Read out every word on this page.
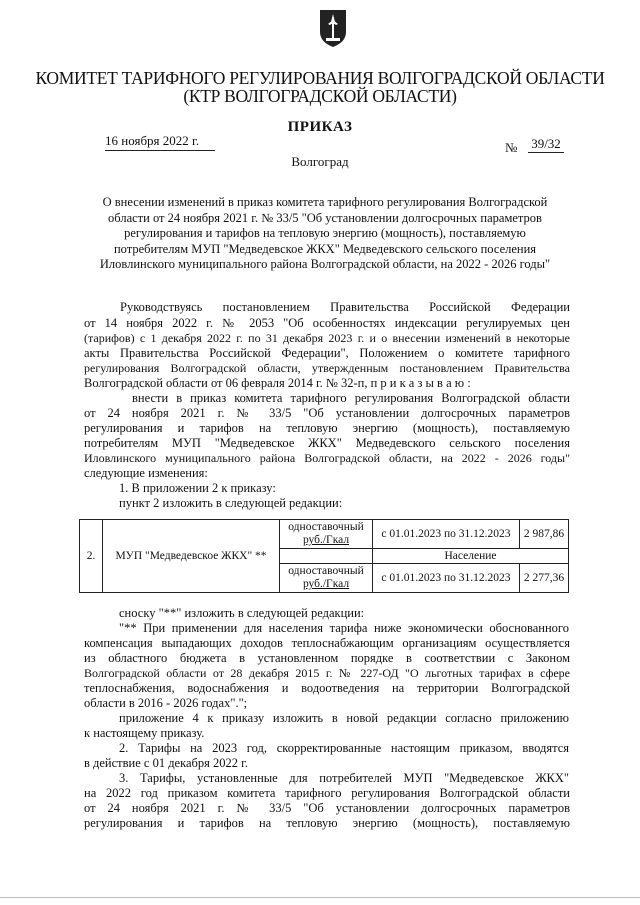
КОМИТЕТ ТАРИФНОГО РЕГУЛИРОВАНИЯ ВОЛГОГРАДСКОЙ ОБЛАСТИ
(КТР ВОЛГОГРАДСКОЙ ОБЛАСТИ)
ПРИКАЗ
16 ноября 2022 г.	№ 39/32
Волгоград
О внесении изменений в приказ комитета тарифного регулирования Волгоградской
области от 24 ноября 2021 г. № 33/5 "Об установлении долгосрочных параметров
регулирования и тарифов на тепловую энергию (мощность), поставляемую
потребителям МУП "Медведевское ЖКХ" Медведевского сельского поселения
Иловлинского муниципального района Волгоградской области, на 2022 - 2026 годы"
Руководствуясь постановлением Правительства Российской Федерации
от 14 ноября 2022 г. № 2053 "Об особенностях индексации регулируемых цен
(тарифов) с 1 декабря 2022 г. по 31 декабря 2023 г. и о внесении изменений в некоторые
акты Правительства Российской Федерации", Положением о комитете тарифного
регулирования Волгоградской области, утвержденным постановлением Правительства
Волгоградской области от 06 февраля 2014 г. № 32-п, п р и к а з ы в а ю :
внести в приказ комитета тарифного регулирования Волгоградской области
от 24 ноября 2021 г. № 33/5 "Об установлении долгосрочных параметров
регулирования и тарифов на тепловую энергию (мощность), поставляемую
потребителям МУП "Медведевское ЖКХ" Медведевского сельского поселения
Иловлинского муниципального района Волгоградской области, на 2022 - 2026 годы"
следующие изменения:
1. В приложении 2 к приказу:
пункт 2 изложить в следующей редакции:
2.	МУП "Медведевское ЖКХ" **	одноставочный
руб./Гкал	с 01.01.2023 по 31.12.2023	2 987,86
			Население	

		одноставочный
руб./Гкал	с 01.01.2023 по 31.12.2023	2 277,36
сноску "**" изложить в следующей редакции:
"** При применении для населения тарифа ниже экономически обоснованного
компенсация выпадающих доходов теплоснабжающим организациям осуществляется
из областного бюджета в установленном порядке в соответствии с Законом
Волгоградской области от 28 декабря 2015 г. № 227-ОД "О льготных тарифах в сфере
теплоснабжения, водоснабжения и водоотведения на территории Волгоградской
области в 2016 - 2026 годах".";
приложение 4 к приказу изложить в новой редакции согласно приложению
к настоящему приказу.
2. Тарифы на 2023 год, скорректированные настоящим приказом, вводятся
в действие с 01 декабря 2022 г.
3. Тарифы, установленные для потребителей МУП "Медведевское ЖКХ"
на 2022 год приказом комитета тарифного регулирования Волгоградской области
от 24 ноября 2021 г. № 33/5 "Об установлении долгосрочных параметров
регулирования и тарифов на тепловую энергию (мощность), поставляемую
